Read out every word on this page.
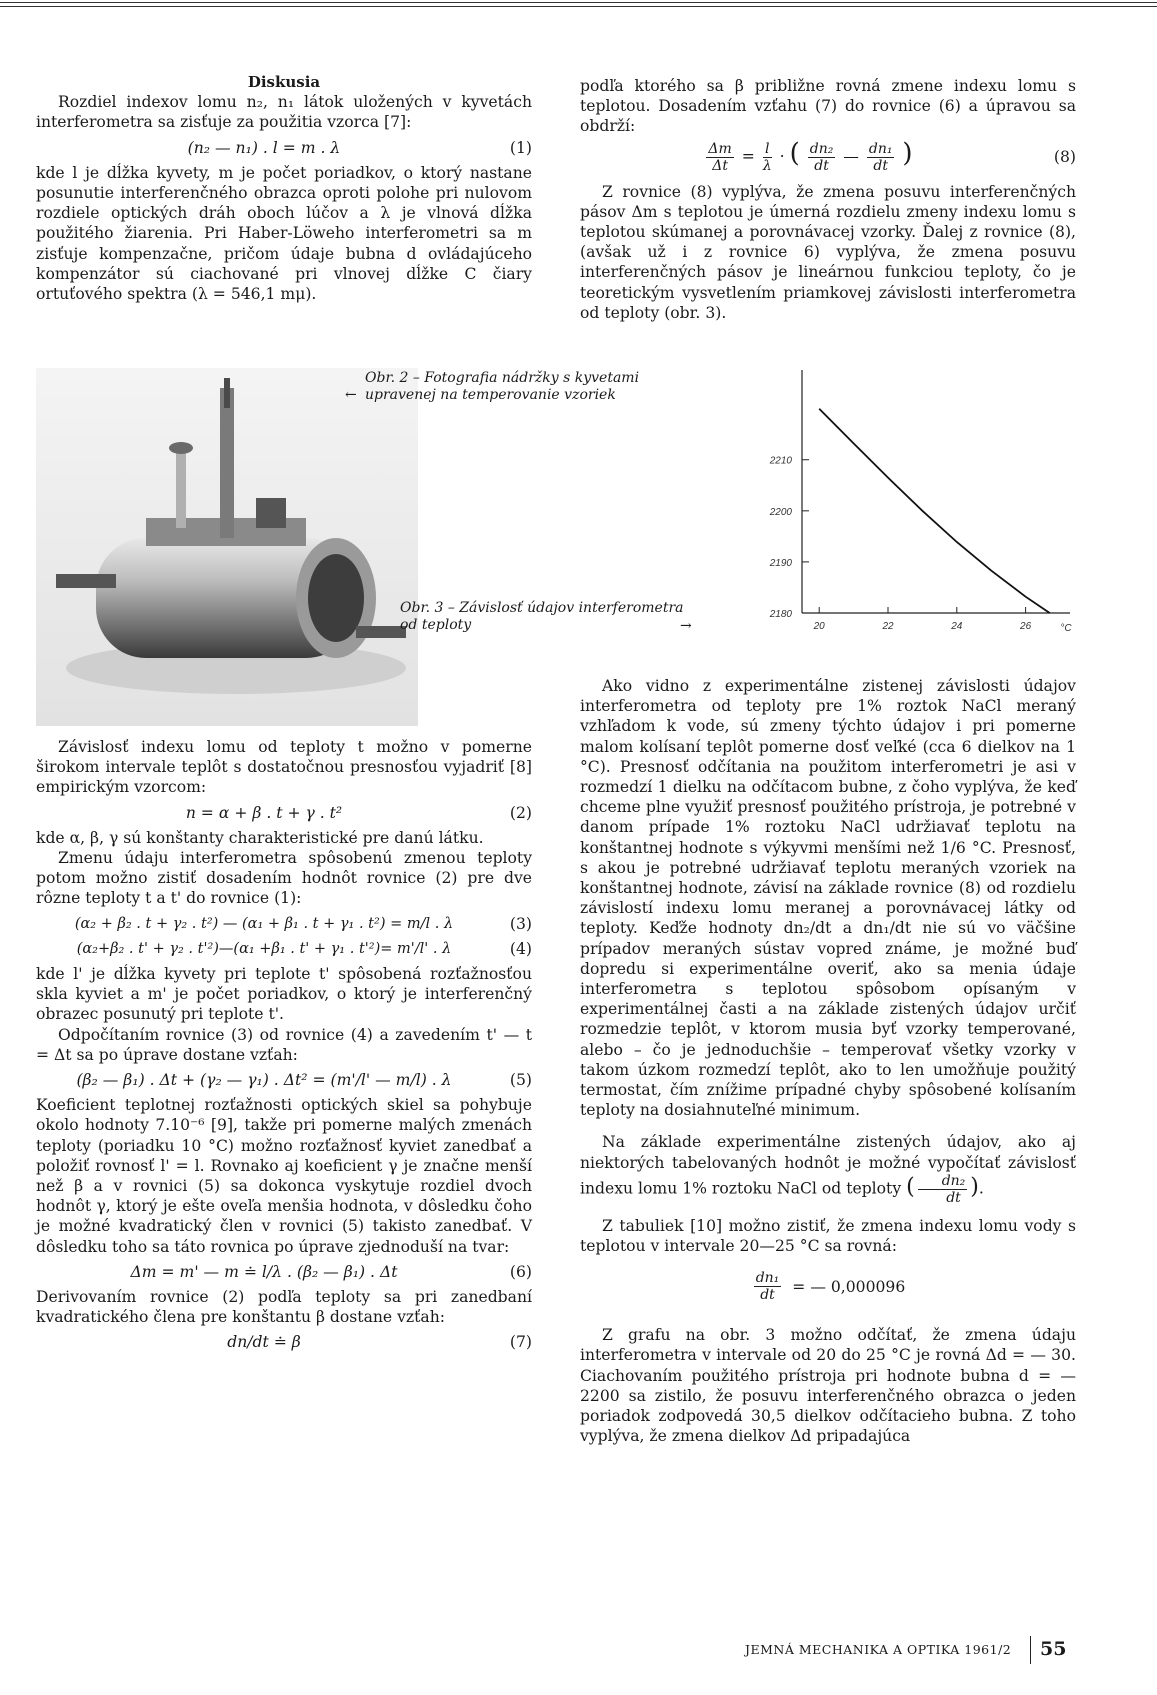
Diskusia

Rozdiel indexov lomu n₂, n₁ látok uložených v kyvetách interferometra sa zisťuje za použitia vzorca [7]:

(n₂ — n₁) . l = m . λ	(1)

kde l je dĺžka kyvety, m je počet poriadkov, o ktorý nastane posunutie interferenčného obrazca oproti polohe pri nulovom rozdiele optických dráh oboch lúčov a λ je vlnová dĺžka použitého žiarenia. Pri Haber-Löweho interferometri sa m zisťuje kompenzačne, pričom údaje bubna d ovládajúceho kompenzátor sú ciachované pri vlnovej dĺžke C čiary ortuťového spektra (λ = 546,1 mμ).

podľa ktorého sa β približne rovná zmene indexu lomu s teplotou. Dosadením vzťahu (7) do rovnice (6) a úpravou sa obdrží:

$\frac{\Delta m}{\Delta t} = \frac{l}{\lambda}$ · ( $\frac{\text{dn₂}}{dt}$ — $\frac{\text{dn₁}}{dt}$ )	(8)

Z rovnice (8) vyplýva, že zmena posuvu interferenčných pásov Δm s teplotou je úmerná rozdielu zmeny indexu lomu s teplotou skúmanej a porovnávacej vzorky. Ďalej z rovnice (8), (avšak už i z rovnice 6) vyplýva, že zmena posuvu interferenčných pásov je lineárnou funkciou teploty, čo je teoretickým vysvetlením priamkovej závislosti interferometra od teploty (obr. 3).

Obr. 2 – Fotografia nádržky s kyvetami upravenej na temperovanie vzoriek
←
Obr. 3 – Závislosť údajov interferometra od teploty	→
2180
2190
2200
2210
20	22	24	26	°C

Závislosť indexu lomu od teploty t možno v pomerne širokom intervale teplôt s dostatočnou presnosťou vyjadriť [8] empirickým vzorcom:

n = α + β . t + γ . t²	(2)

kde α, β, γ sú konštanty charakteristické pre danú látku.

Zmenu údaju interferometra spôsobenú zmenou teploty potom možno zistiť dosadením hodnôt rovnice (2) pre dve rôzne teploty t a t' do rovnice (1):

(α₂ + β₂ . t + γ₂ . t²) — (α₁ + β₁ . t + γ₁ . t²) = m/l . λ	(3)
(α₂+β₂ . t' + γ₂ . t'²)—(α₁ +β₁ . t' + γ₁ . t'²)= m'/l' . λ	(4)

kde l' je dĺžka kyvety pri teplote t' spôsobená rozťažnosťou skla kyviet a m' je počet poriadkov, o ktorý je interferenčný obrazec posunutý pri teplote t'.

Odpočítaním rovnice (3) od rovnice (4) a zavedením t' — t = Δt sa po úprave dostane vzťah:

(β₂ — β₁) . Δt + (γ₂ — γ₁) . Δt² = (m'/l' — m/l) . λ	(5)

Koeficient teplotnej rozťažnosti optických skiel sa pohybuje okolo hodnoty 7.10⁻⁶ [9], takže pri pomerne malých zmenách teploty (poriadku 10 °C) možno rozťažnosť kyviet zanedbať a položiť rovnosť l' = l. Rovnako aj koeficient γ je značne menší než β a v rovnici (5) sa dokonca vyskytuje rozdiel dvoch hodnôt γ, ktorý je ešte oveľa menšia hodnota, v dôsledku čoho je možné kvadratický člen v rovnici (5) takisto zanedbať. V dôsledku toho sa táto rovnica po úprave zjednoduší na tvar:

Δm = m' — m ≐ l/λ . (β₂ — β₁) . Δt	(6)

Derivovaním rovnice (2) podľa teploty sa pri zanedbaní kvadratického člena pre konštantu β dostane vzťah:

dn/dt ≐ β	(7)

Ako vidno z experimentálne zistenej závislosti údajov interferometra od teploty pre 1% roztok NaCl meraný vzhľadom k vode, sú zmeny týchto údajov i pri pomerne malom kolísaní teplôt pomerne dosť veľké (cca 6 dielkov na 1 °C). Presnosť odčítania na použitom interferometri je asi v rozmedzí 1 dielku na odčítacom bubne, z čoho vyplýva, že keď chceme plne využiť presnosť použitého prístroja, je potrebné v danom prípade 1% roztoku NaCl udržiavať teplotu na konštantnej hodnote s výkyvmi menšími než 1/6 °C. Presnosť, s akou je potrebné udržiavať teplotu meraných vzoriek na konštantnej hodnote, závisí na základe rovnice (8) od rozdielu závislostí indexu lomu meranej a porovnávacej látky od teploty. Keďže hodnoty dn₂/dt a dn₁/dt nie sú vo väčšine prípadov meraných sústav vopred známe, je možné buď dopredu si experimentálne overiť, ako sa menia údaje interferometra s teplotou spôsobom opísaným v experimentálnej časti a na základe zistených údajov určiť rozmedzie teplôt, v ktorom musia byť vzorky temperované, alebo – čo je jednoduchšie – temperovať všetky vzorky v takom úzkom rozmedzí teplôt, ako to len umožňuje použitý termostat, čím znížime prípadné chyby spôsobené kolísaním teploty na dosiahnuteľné minimum.

Na základe experimentálne zistených údajov, ako aj niektorých tabelovaných hodnôt je možné vypočítať závislosť indexu lomu 1% roztoku NaCl od teploty ( $\frac{\text{dn₂}}{dt}$ ).

Z tabuliek [10] možno zistiť, že zmena indexu lomu vody s teplotou v intervale 20—25 °C sa rovná:

$\frac{\text{dn₁}}{dt}$ = — 0,000096

Z grafu na obr. 3 možno odčítať, že zmena údaju interferometra v intervale od 20 do 25 °C je rovná Δd = — 30. Ciachovaním použitého prístroja pri hodnote bubna d = — 2200 sa zistilo, že posuvu interferenčného obrazca o jeden poriadok zodpovedá 30,5 dielkov odčítacieho bubna. Z toho vyplýva, že zmena dielkov Δd pripadajúca

JEMNÁ MECHANIKA A OPTIKA 1961/2 55
